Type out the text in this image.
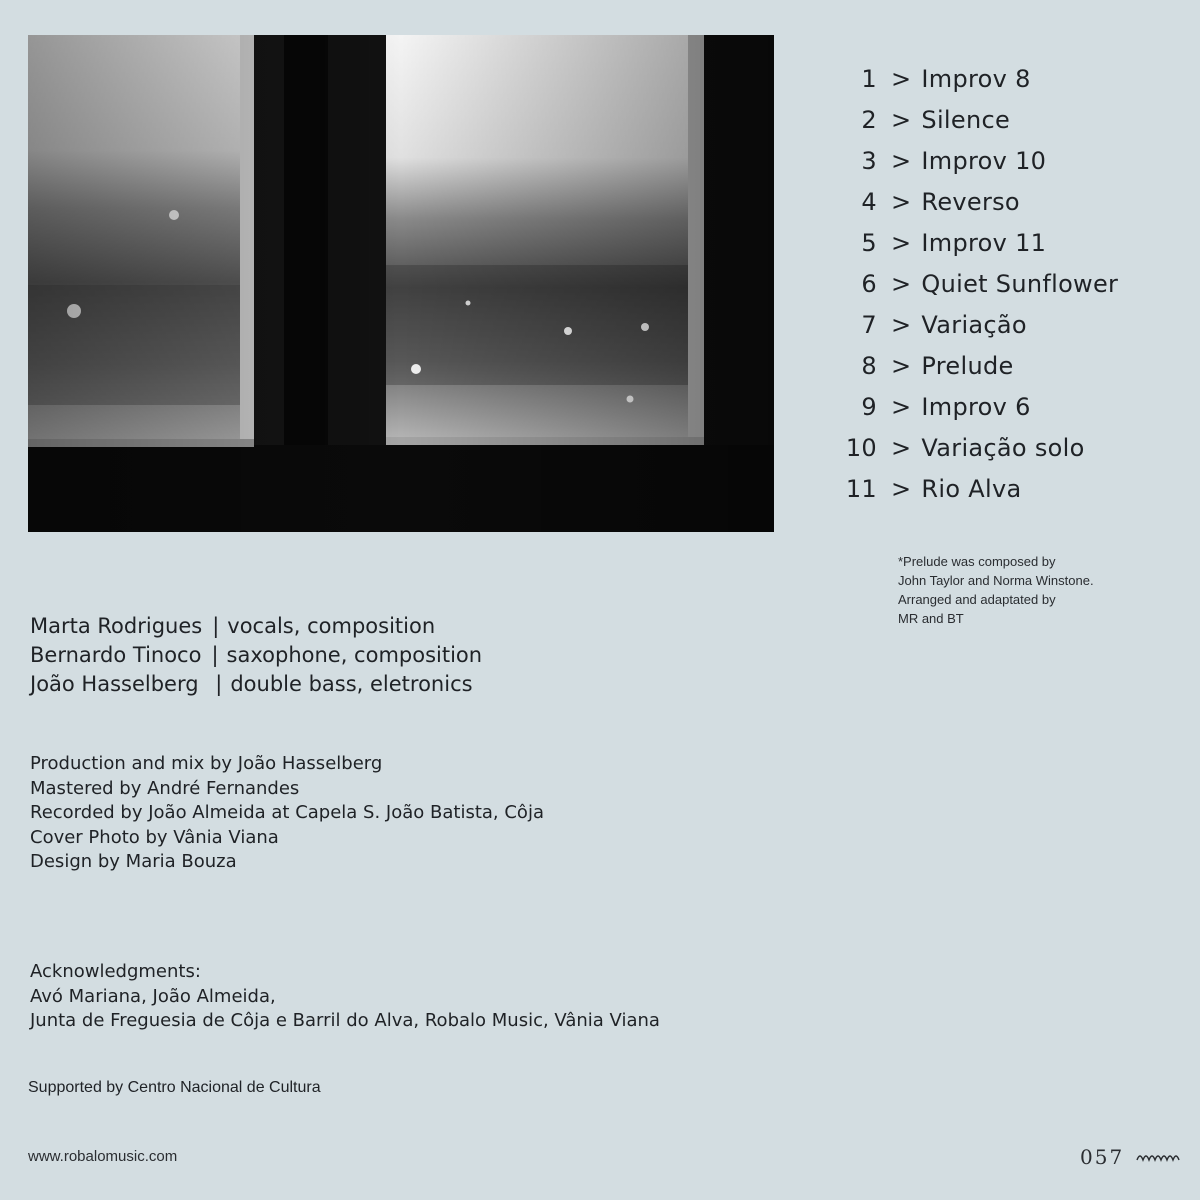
1 > Improv 8
2 > Silence
3 > Improv 10
4 > Reverso
5 > Improv 11
6 > Quiet Sunflower
7 > Variação
8 > Prelude
9 > Improv 6
10 > Variação solo
11 > Rio Alva
*Prelude was composed by
John Taylor and Norma Winstone.
Arranged and adaptated by
MR and BT
Marta Rodrigues | vocals, composition
Bernardo Tinoco | saxophone, composition
João Hasselberg | double bass, eletronics
Production and mix by João Hasselberg
Mastered by André Fernandes
Recorded by João Almeida at Capela S. João Batista, Côja
Cover Photo by Vânia Viana
Design by Maria Bouza
Acknowledgments:
Avó Mariana, João Almeida,
Junta de Freguesia de Côja e Barril do Alva, Robalo Music, Vânia Viana
Supported by Centro Nacional de Cultura
www.robalomusic.com	057
